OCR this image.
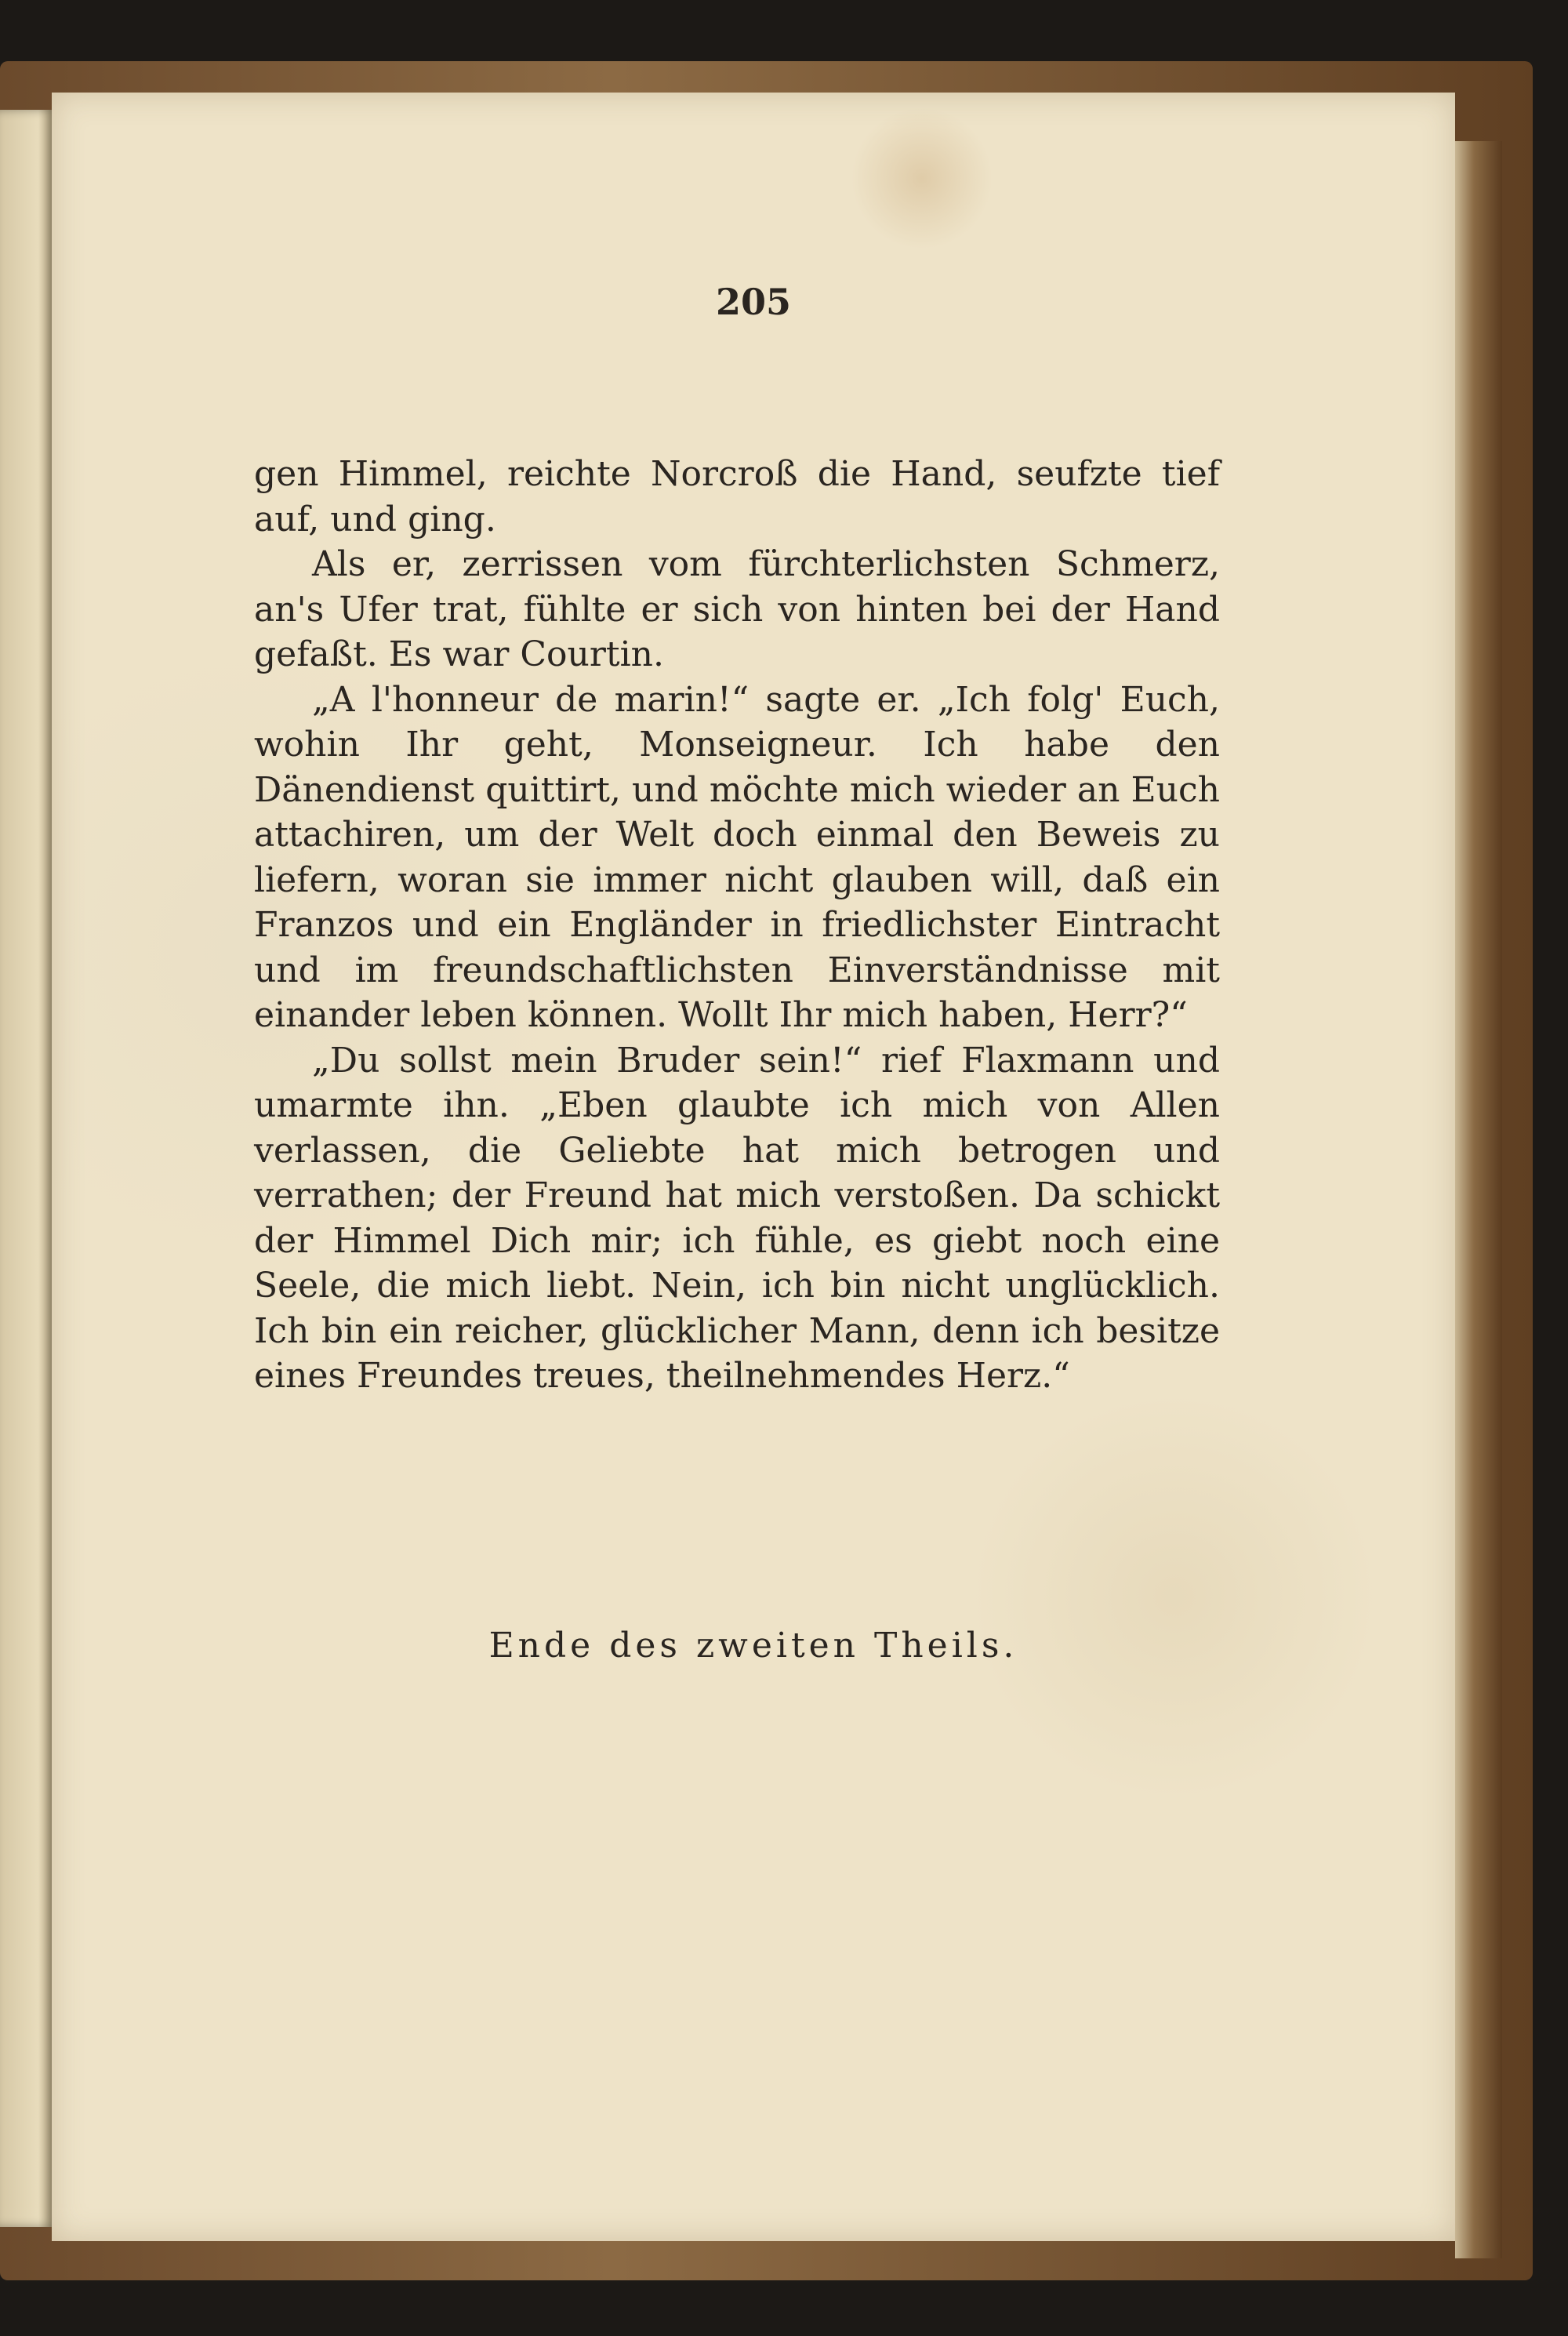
205

gen Himmel, reichte Norcroß die Hand, seufzte tief auf, und ging.

Als er, zerrissen vom fürchterlichsten Schmerz, an's Ufer trat, fühlte er sich von hinten bei der Hand gefaßt. Es war Courtin.

„A l'honneur de marin!“ sagte er. „Ich folg' Euch, wohin Ihr geht, Monseigneur. Ich habe den Dänendienst quittirt, und möchte mich wieder an Euch attachiren, um der Welt doch einmal den Beweis zu liefern, woran sie immer nicht glauben will, daß ein Franzos und ein Engländer in friedlichster Eintracht und im freundschaftlichsten Einverständnisse mit einander leben können. Wollt Ihr mich haben, Herr?“

„Du sollst mein Bruder sein!“ rief Flaxmann und umarmte ihn. „Eben glaubte ich mich von Allen verlassen, die Geliebte hat mich betrogen und verrathen; der Freund hat mich verstoßen. Da schickt der Himmel Dich mir; ich fühle, es giebt noch eine Seele, die mich liebt. Nein, ich bin nicht unglücklich. Ich bin ein reicher, glücklicher Mann, denn ich besitze eines Freundes treues, theilnehmendes Herz.“

Ende des zweiten Theils.
